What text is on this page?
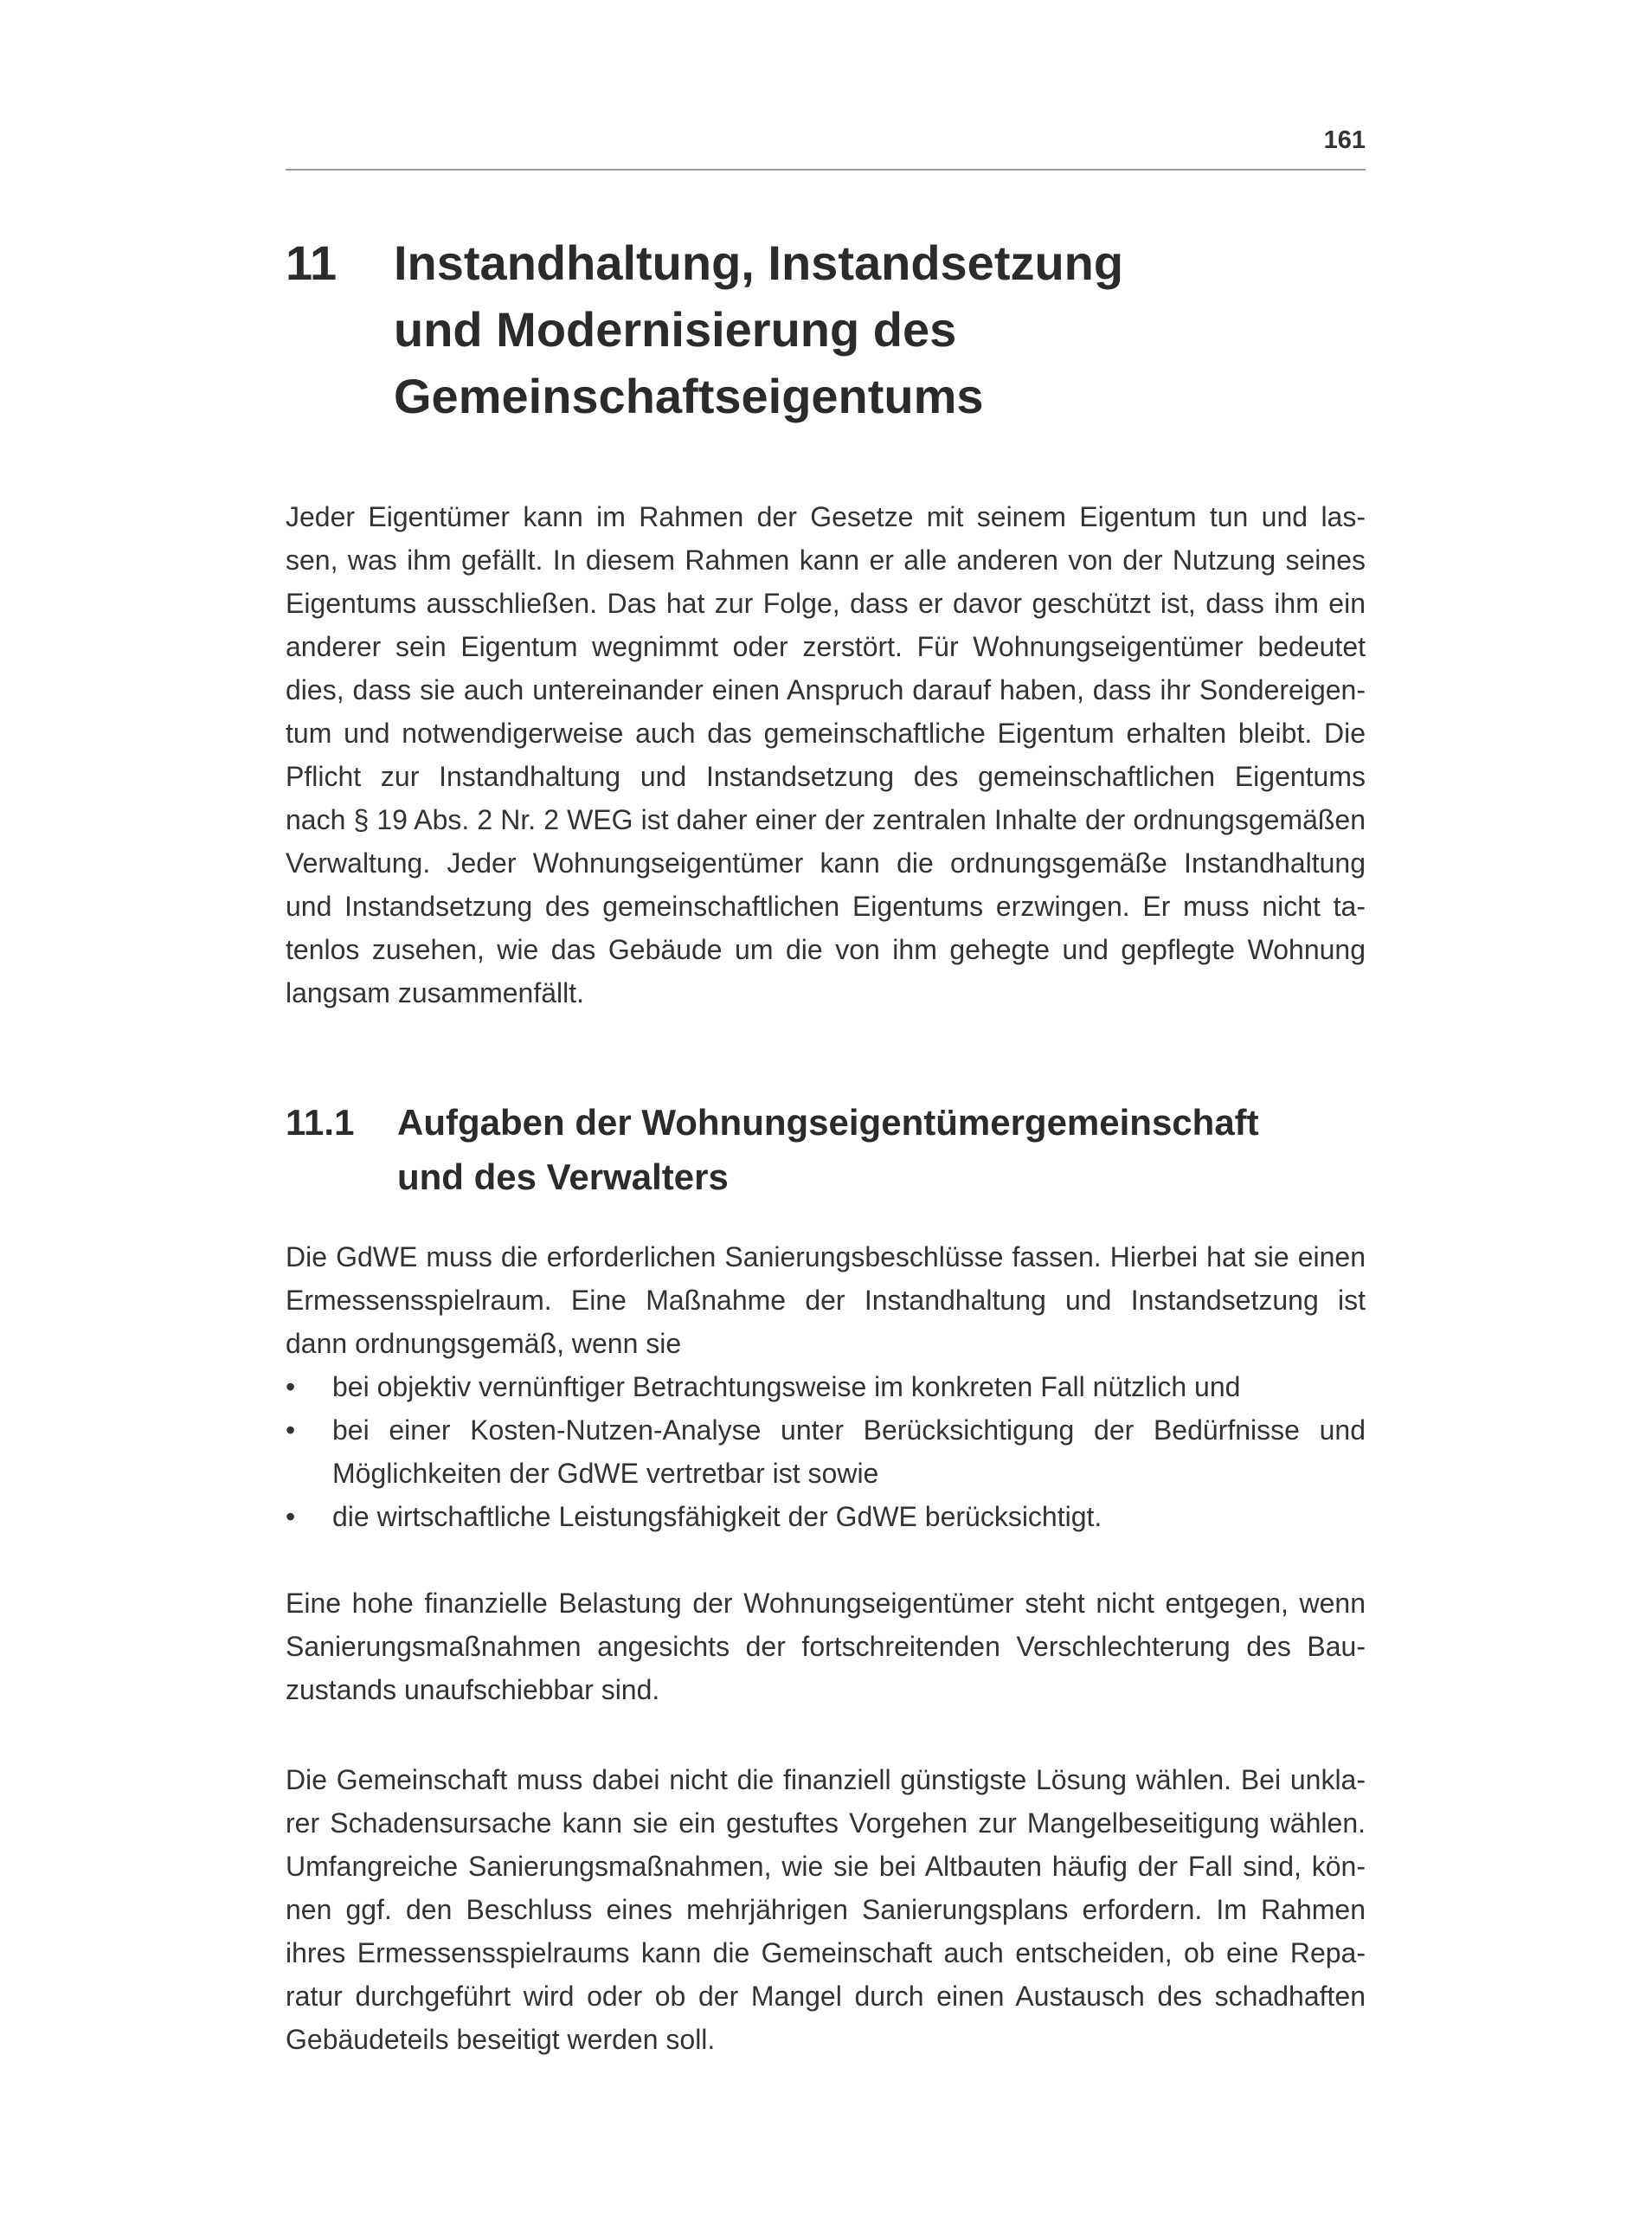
161
11 Instandhaltung, Instandsetzung
und Modernisierung des
Gemeinschaftseigentums
Jeder Eigentümer kann im Rahmen der Gesetze mit seinem Eigentum tun und las-
sen, was ihm gefällt. In diesem Rahmen kann er alle anderen von der Nutzung seines
Eigentums ausschließen. Das hat zur Folge, dass er davor geschützt ist, dass ihm ein
anderer sein Eigentum wegnimmt oder zerstört. Für Wohnungseigentümer bedeutet
dies, dass sie auch untereinander einen Anspruch darauf haben, dass ihr Sondereigen-
tum und notwendigerweise auch das gemeinschaftliche Eigentum erhalten bleibt. Die
Pflicht zur Instandhaltung und Instandsetzung des gemeinschaftlichen Eigentums
nach § 19 Abs. 2 Nr. 2 WEG ist daher einer der zentralen Inhalte der ordnungsgemäßen
Verwaltung. Jeder Wohnungseigentümer kann die ordnungsgemäße Instandhaltung
und Instandsetzung des gemeinschaftlichen Eigentums erzwingen. Er muss nicht ta-
tenlos zusehen, wie das Gebäude um die von ihm gehegte und gepflegte Wohnung
langsam zusammenfällt.
11.1 Aufgaben der Wohnungseigentümergemeinschaft
und des Verwalters
Die GdWE muss die erforderlichen Sanierungsbeschlüsse fassen. Hierbei hat sie einen
Ermessensspielraum. Eine Maßnahme der Instandhaltung und Instandsetzung ist
dann ordnungsgemäß, wenn sie
• bei objektiv vernünftiger Betrachtungsweise im konkreten Fall nützlich und
• bei einer Kosten-Nutzen-Analyse unter Berücksichtigung der Bedürfnisse und
Möglichkeiten der GdWE vertretbar ist sowie
• die wirtschaftliche Leistungsfähigkeit der GdWE berücksichtigt.
Eine hohe finanzielle Belastung der Wohnungseigentümer steht nicht entgegen, wenn
Sanierungsmaßnahmen angesichts der fortschreitenden Verschlechterung des Bau-
zustands unaufschiebbar sind.
Die Gemeinschaft muss dabei nicht die finanziell günstigste Lösung wählen. Bei unkla-
rer Schadensursache kann sie ein gestuftes Vorgehen zur Mangelbeseitigung wählen.
Umfangreiche Sanierungsmaßnahmen, wie sie bei Altbauten häufig der Fall sind, kön-
nen ggf. den Beschluss eines mehrjährigen Sanierungsplans erfordern. Im Rahmen
ihres Ermessensspielraums kann die Gemeinschaft auch entscheiden, ob eine Repa-
ratur durchgeführt wird oder ob der Mangel durch einen Austausch des schadhaften
Gebäudeteils beseitigt werden soll.
